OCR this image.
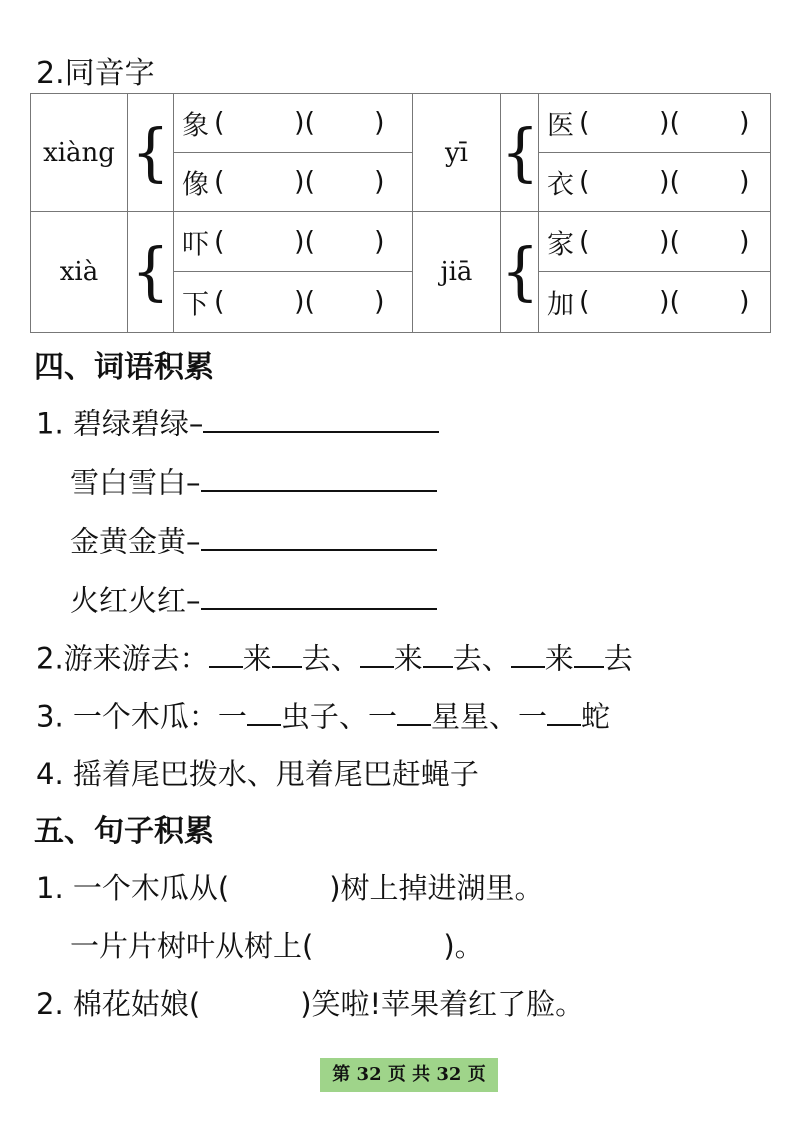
2.同音字
xiàng	{	象 ( )( )	yī	{	医 ( )( )

		像 ( )( )			衣 ( )( )

xià	{	吓 ( )( )	jiā	{	家 ( )( )

		下 ( )( )			加 ( )( )
四、词语积累
1. 碧绿碧绿–
雪白雪白–
金黄金黄–
火红火红–
2.游来游去： 来 去、 来 去、 来 去
3. 一个木瓜：一 虫子、一 星星、一 蛇
4. 摇着尾巴拨水、甩着尾巴赶蝇子
五、句子积累
1. 一个木瓜从(	)树上掉进湖里。
一片片树叶从树上(	)。
2. 棉花姑娘(	)笑啦!苹果着红了脸。
第 32 页 共 32 页
